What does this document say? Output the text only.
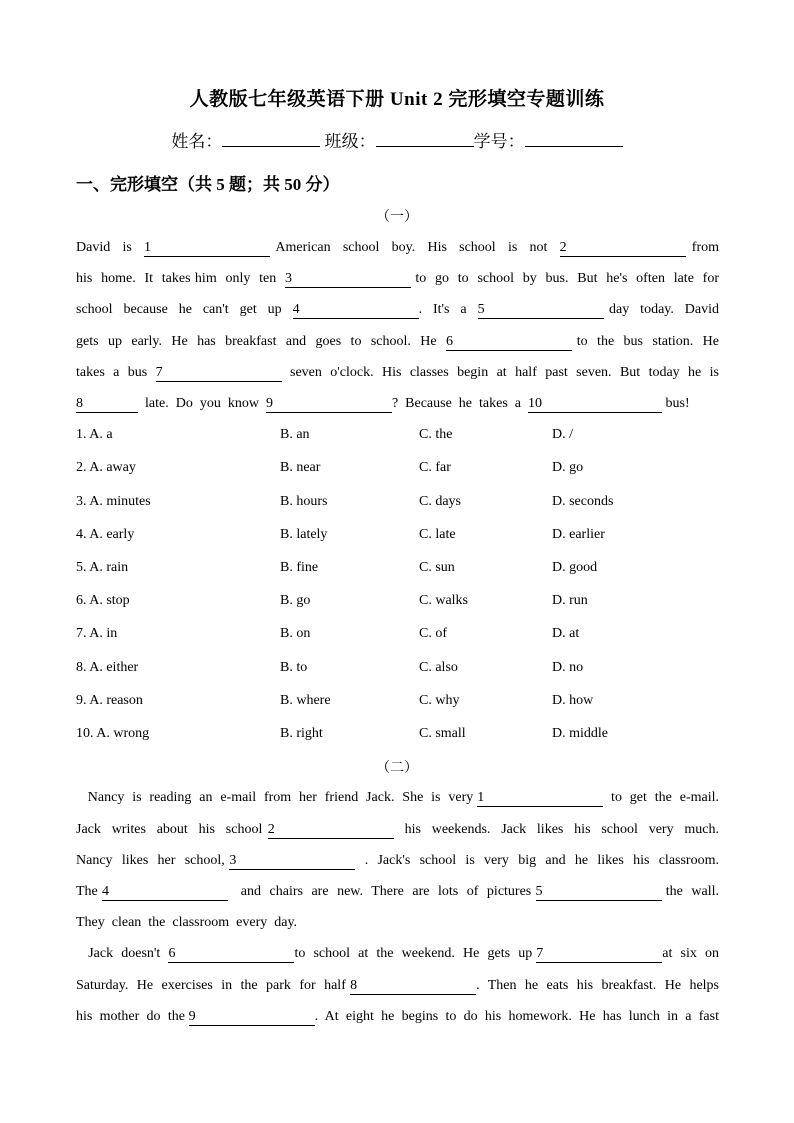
人教版七年级英语下册 Unit 2 完形填空专题训练
姓名：	班级：	学号：
一、完形填空（共 5 题；共 50 分）
（一）
David  is  1	American  school  boy.  His  school  is  not  2	from
his  home.  It  takes him  only  ten  3	to  go  to  school  by  bus.  But  he's  often  late  for
school  because  he  can't  get  up  4	.  It's  a  5	day  today.  David
gets  up  early.  He  has  breakfast  and  goes  to  school.  He  6	to  the  bus  station.  He
takes  a  bus  7	seven  o'clock.  His  classes  begin  at  half  past  seven.  But  today  he  is
8	late.  Do  you  know  9	?  Because  he  takes  a  10	bus!
1. A. a	B. an	C. the	D. /
2. A. away	B. near	C. far	D. go
3. A. minutes	B. hours	C. days	D. seconds
4. A. early	B. lately	C. late	D. earlier
5. A. rain	B. fine	C. sun	D. good
6. A. stop	B. go	C. walks	D. run
7. A. in	B. on	C. of	D. at
8. A. either	B. to	C. also	D. no
9. A. reason	B. where	C. why	D. how
10. A. wrong	B. right	C. small	D. middle
（二）
Nancy  is  reading  an  e-mail  from  her  friend  Jack.  She  is  very 1	to  get  the  e-mail.
Jack  writes  about  his  school 2	his  weekends.  Jack  likes  his  school  very  much.
Nancy  likes  her  school, 3	.  Jack's  school  is  very  big  and  he  likes  his  classroom.
The 4	and  chairs  are  new.  There  are  lots  of  pictures 5	the  wall.
They  clean  the  classroom  every  day.
Jack  doesn't  6	to  school  at  the  weekend.  He  gets  up 7	at  six  on
Saturday.  He  exercises  in  the  park  for  half 8	.  Then  he  eats  his  breakfast.  He  helps
his  mother  do  the 9	.  At  eight  he  begins  to  do  his  homework.  He  has  lunch  in  a  fast
